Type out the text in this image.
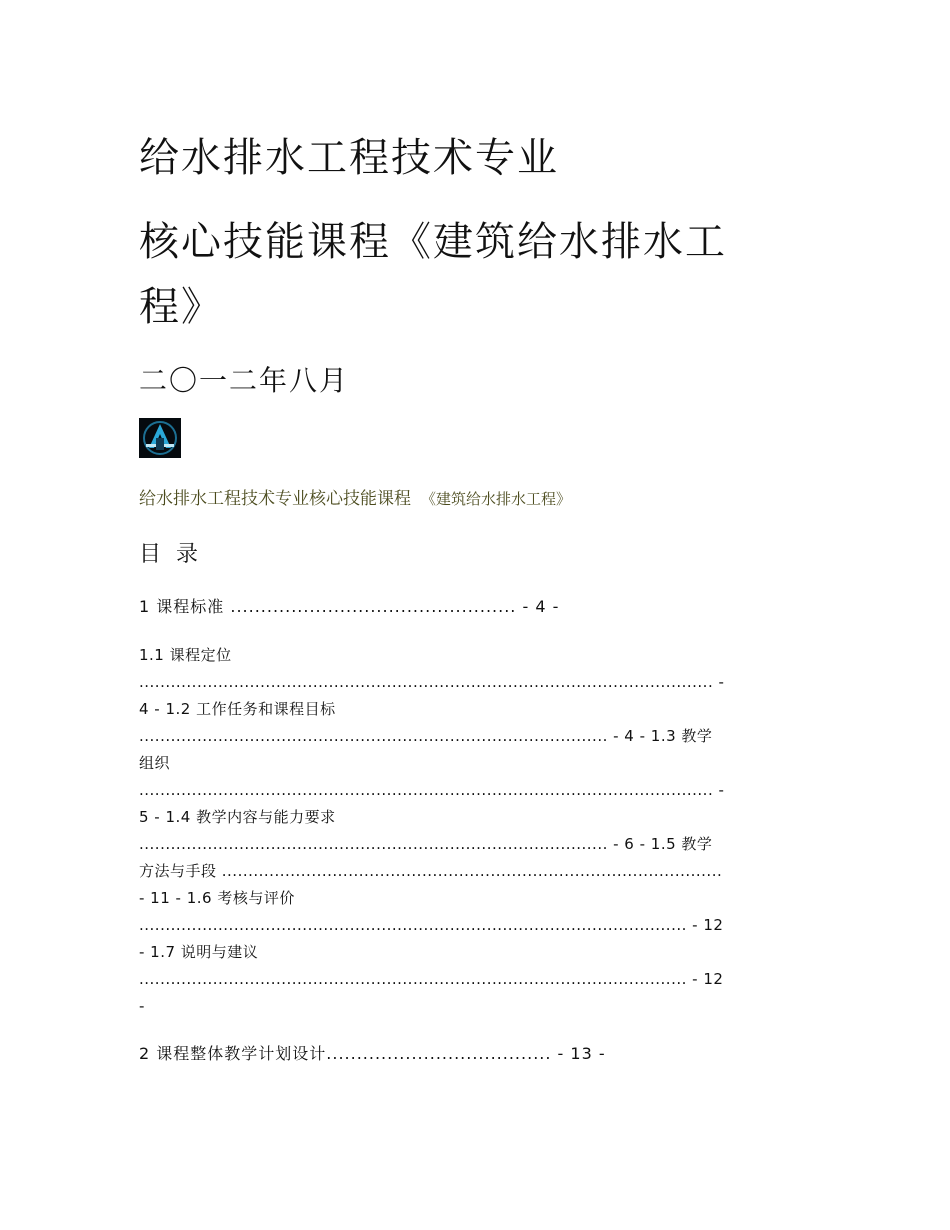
给水排水工程技术专业
核心技能课程《建筑给水排水工
程》
二〇一二年八月
给水排水工程技术专业核心技能课程 《建筑给水排水工程》
目 录
1 课程标准 ............................................... - 4 -
1.1 课程定位
............................................................................................................. -
4 - 1.2 工作任务和课程目标
......................................................................................... - 4 - 1.3 教学
组织
............................................................................................................. -
5 - 1.4 教学内容与能力要求
......................................................................................... - 6 - 1.5 教学
方法与手段 ...............................................................................................
- 11 - 1.6 考核与评价
........................................................................................................ - 12
- 1.7 说明与建议
........................................................................................................ - 12
-
2 课程整体教学计划设计..................................... - 13 -
